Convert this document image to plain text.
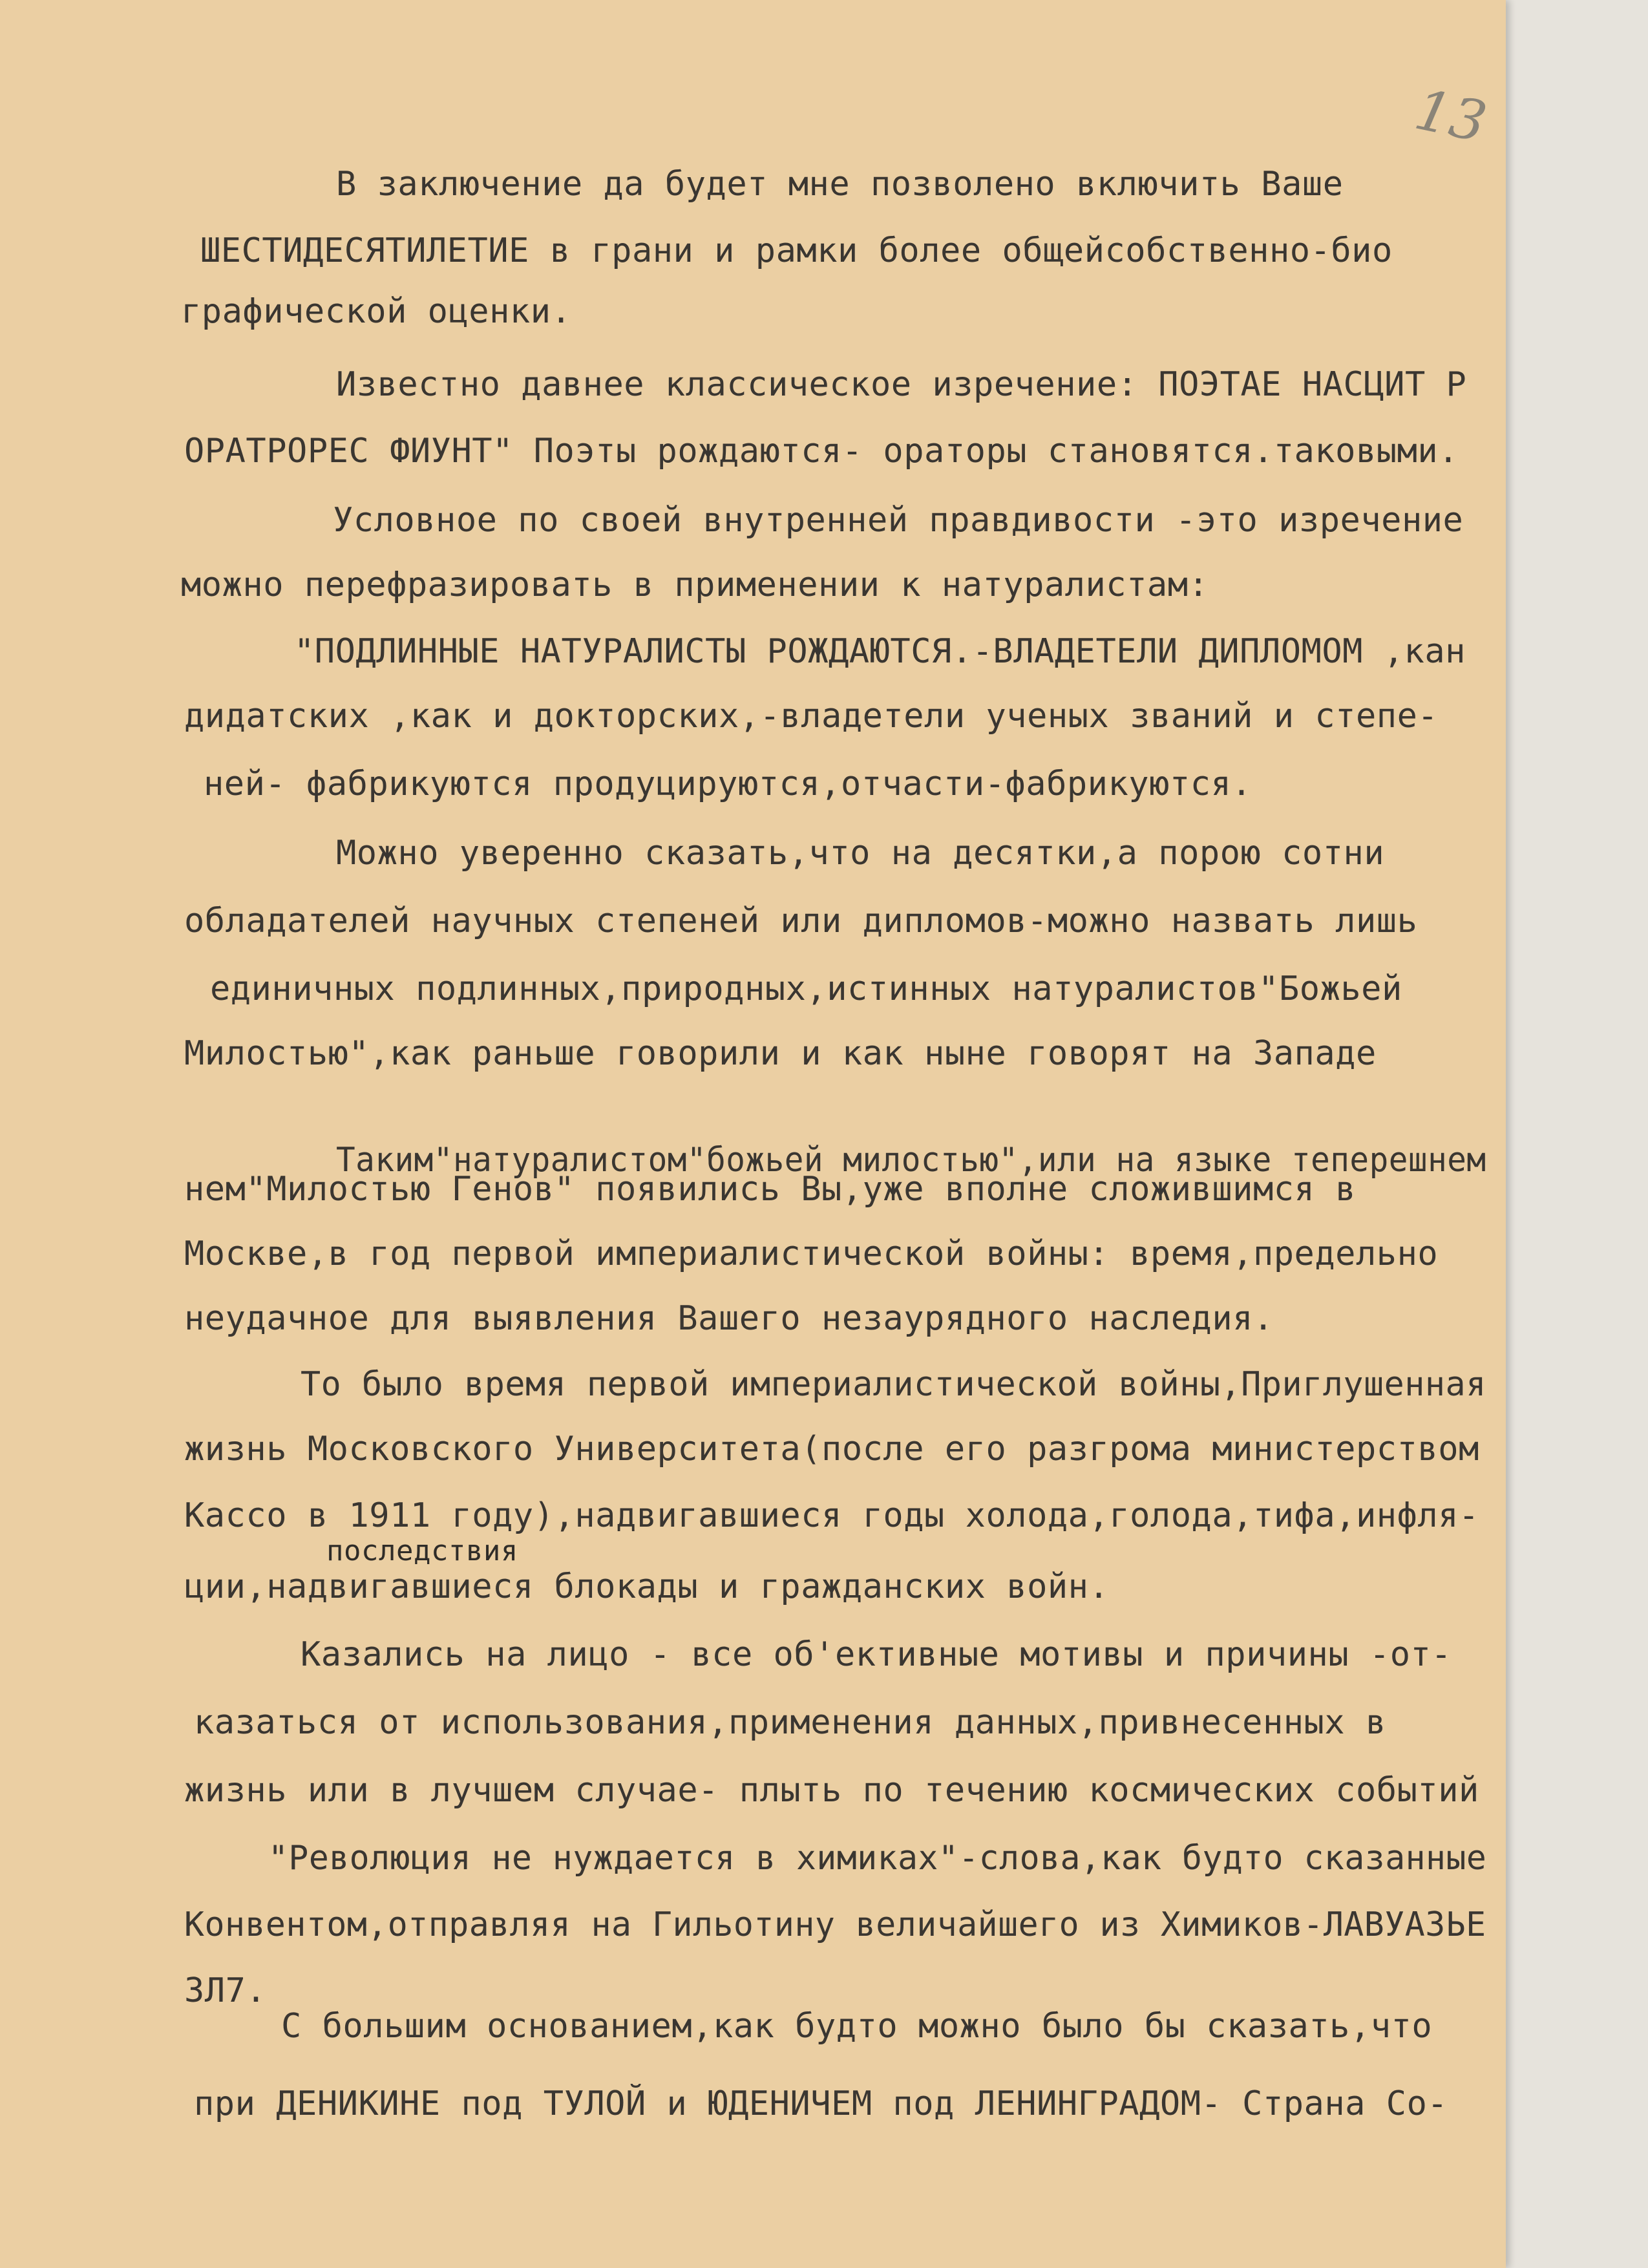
13

В заключение да будет мне позволено включить Ваше

ШЕСТИДЕСЯТИЛЕТИЕ в грани и рамки более общейсобственно-био

графической оценки.

Известно давнее классическое изречение: ПОЭТАЕ НАСЦИТ Р

ОРАТРОРЕС ФИУНТ" Поэты рождаются- ораторы становятся.таковыми.

Условное по своей внутренней правдивости -это изречение

можно перефразировать в применении к натуралистам:

"ПОДЛИННЫЕ НАТУРАЛИСТЫ РОЖДАЮТСЯ.-ВЛАДЕТЕЛИ ДИПЛОМОМ ,кан

дидатских ,как и докторских,-владетели ученых званий и степе-

ней- фабрикуются продуцируются,отчасти-фабрикуются.

Можно уверенно сказать,что на десятки,а порою сотни

обладателей научных степеней или дипломов-можно назвать лишь

единичных подлинных,природных,истинных натуралистов"Божьей

Милостью",как раньше говорили и как ныне говорят на Западе

Таким"натуралистом"божьей милостью",или на языке теперешнем

нем"Милостью Генов" появились Вы,уже вполне сложившимся в

Москве,в год первой империалистической войны: время,предельно

неудачное для выявления Вашего незаурядного наследия.

То было время первой империалистической войны,Приглушенная

жизнь Московского Университета(после его разгрома министерством

Кассо в 1911 году),надвигавшиеся годы холода,голода,тифа,инфля-

последствия

ции,надвигавшиеся блокады и гражданских войн.

Казались на лицо - все об'ективные мотивы и причины -от-

казаться от использования,применения данных,привнесенных в

жизнь или в лучшем случае- плыть по течению космических событий

"Революция не нуждается в химиках"-слова,как будто сказанные

Конвентом,отправляя на Гильотину величайшего из Химиков-ЛАВУАЗЬЕ

ЗЛ7.

С большим основанием,как будто можно было бы сказать,что

при ДЕНИКИНЕ под ТУЛОЙ и ЮДЕНИЧЕМ под ЛЕНИНГРАДОМ- Страна Со-
